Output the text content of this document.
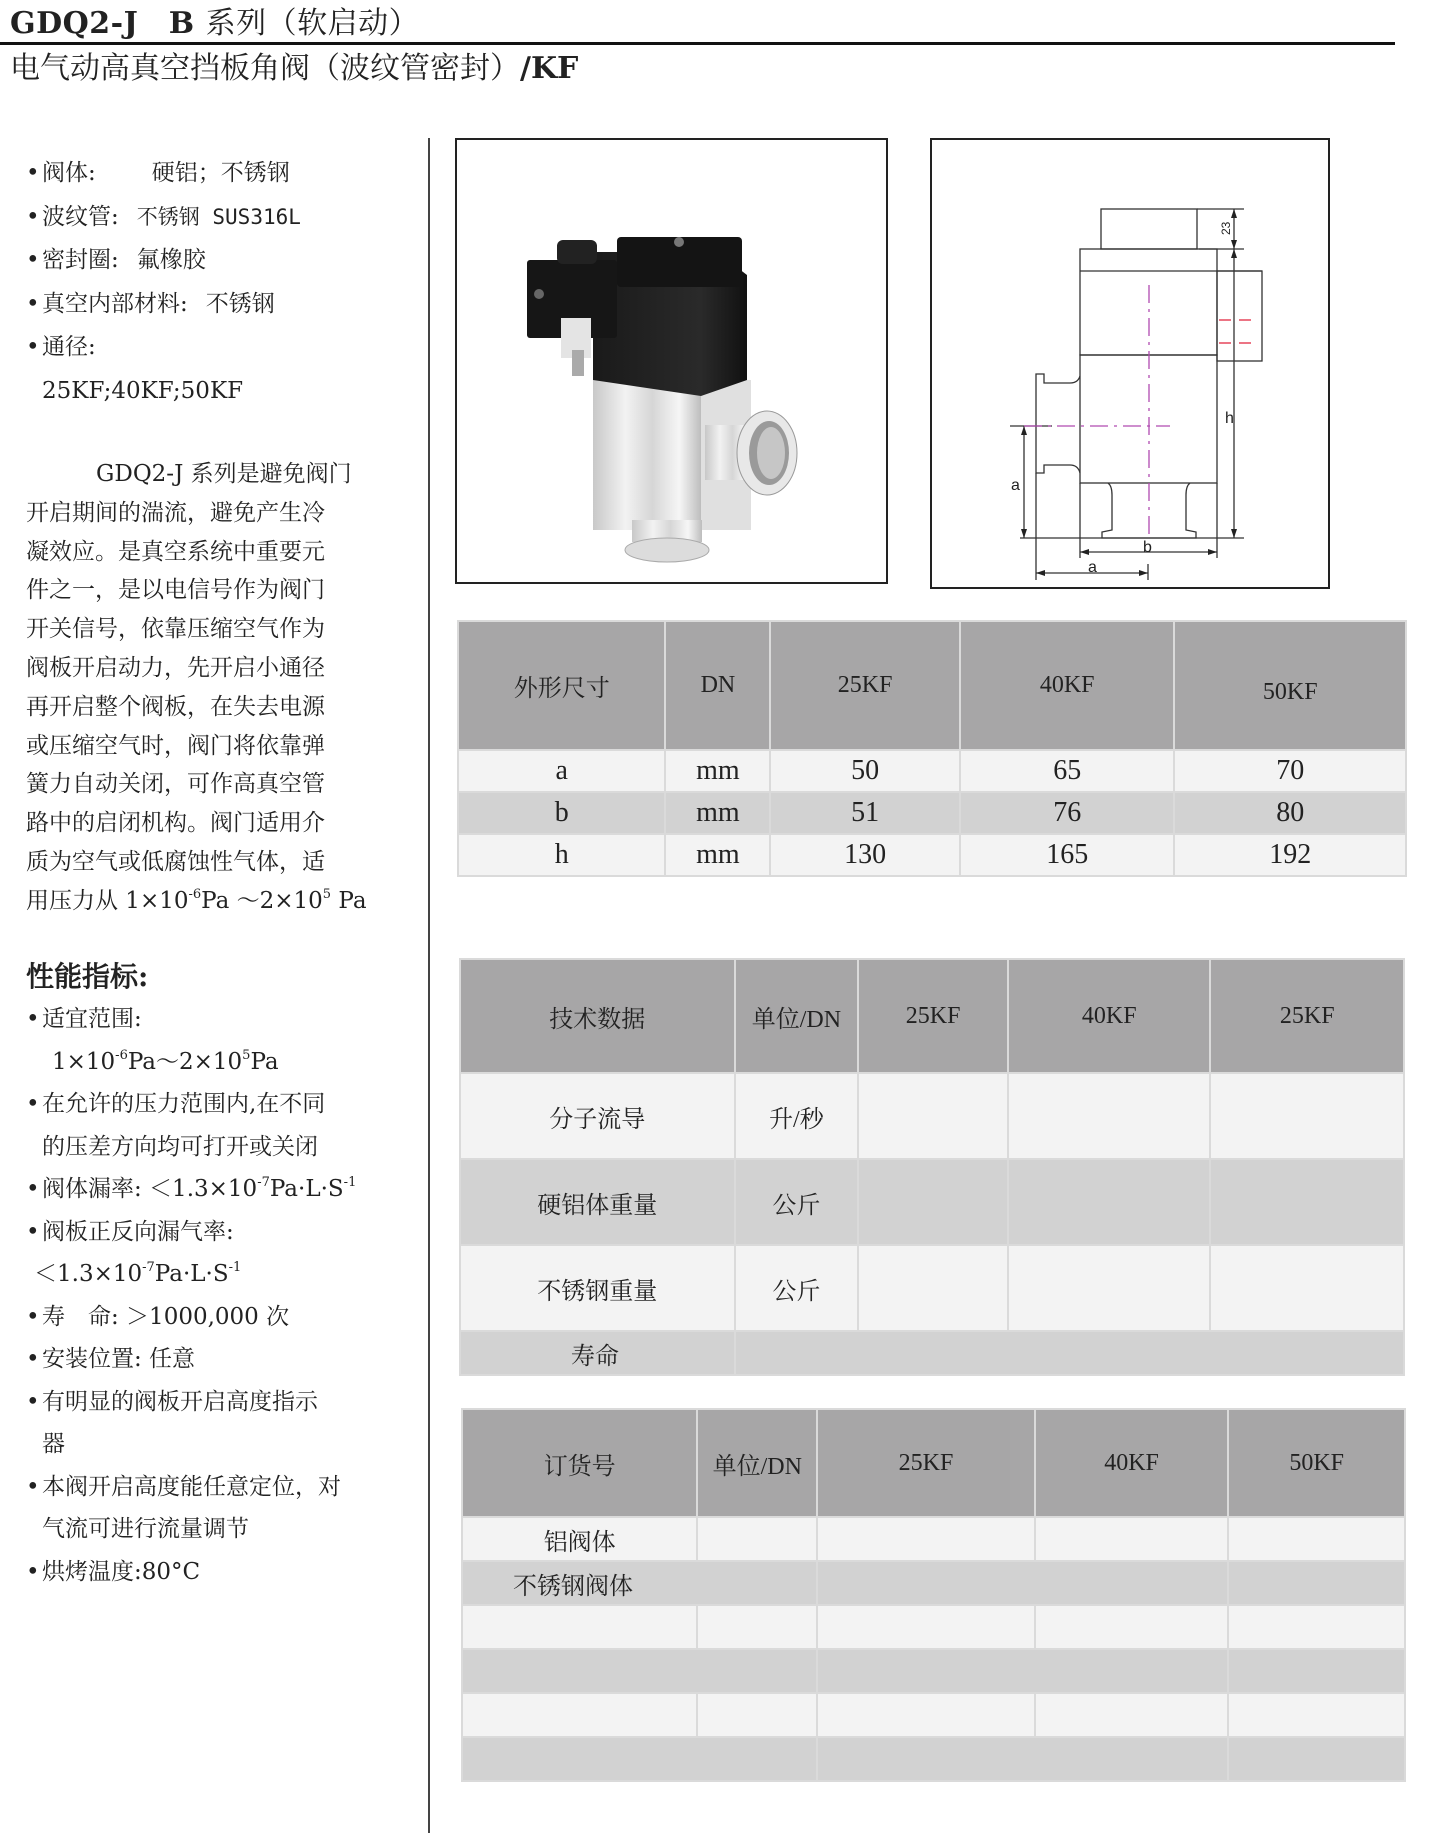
GDQ2-J　B 系列（软启动）
电气动高真空挡板角阀（波纹管密封）/KF
• 阀体: 硬铝；不锈钢
• 波纹管: 不锈钢 SUS316L
• 密封圈: 氟橡胶
• 真空内部材料: 不锈钢
• 通径:
25KF;40KF;50KF
GDQ2-J 系列是避免阀门
开启期间的湍流，避免产生冷
凝效应。是真空系统中重要元
件之一，是以电信号作为阀门
开关信号，依靠压缩空气作为
阀板开启动力，先开启小通径
再开启整个阀板，在失去电源
或压缩空气时，阀门将依靠弹
簧力自动关闭，可作高真空管
路中的启闭机构。阀门适用介
质为空气或低腐蚀性气体，适
用压力从 $1\times 10^{-6}Pa$ $\sim 2\times 10^5$ Pa
性能指标:
• 适宜范围:
$1\times 10^{-6}Pa\sim 2\times 10^5Pa$
• 在允许的压力范围内,在不同
的压差方向均可打开或关闭
• 阀体漏率: $<1.3\times 10^{-7}Pa\cdot L\cdot S^{-1}$
• 阀板正反向漏气率:
$<1.3\times 10^{-7}Pa\cdot L\cdot S^{-1}$
• 寿　命: ＞1000,000 次
• 安装位置: 任意
• 有明显的阀板开启高度指示
器
• 本阀开启高度能任意定位，对
气流可进行流量调节
• 烘烤温度:80°C
23
h
a
b
a
外形尺寸	DN	25KF	40KF	50KF
a	mm	50	65	70
b	mm	51	76	80
h	mm	130	165	192
技术数据	单位/DN	25KF	40KF	25KF
分子流导	升/秒			
硬铝体重量	公斤			
不锈钢重量	公斤			
寿命				
订货号	单位/DN	25KF	40KF	50KF
铝阀体				
不锈钢阀体				
